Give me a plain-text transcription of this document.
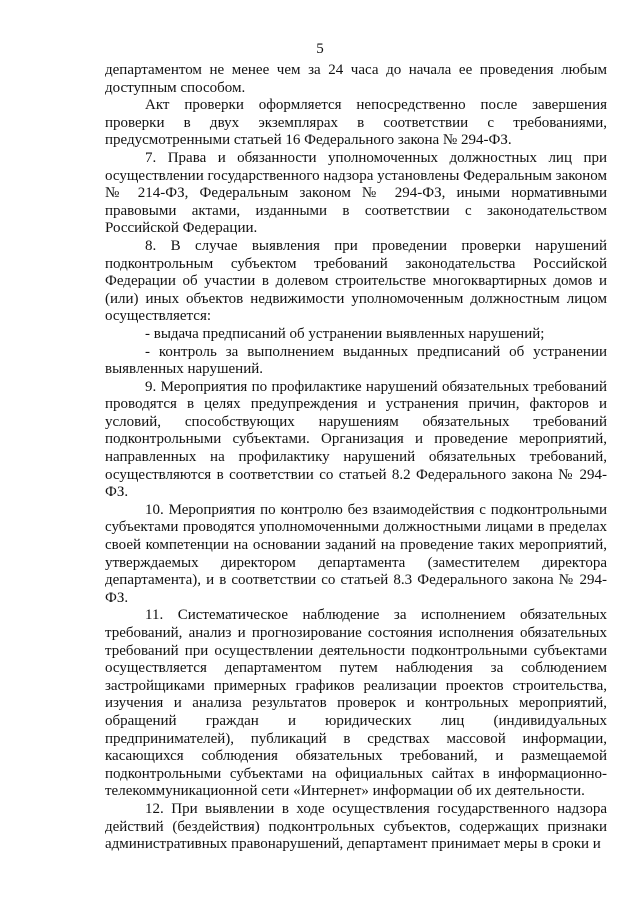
5

департаментом не менее чем за 24 часа до начала ее проведения любым доступным способом.

Акт проверки оформляется непосредственно после завершения проверки в двух экземплярах в соответствии с требованиями, предусмотренными статьей 16 Федерального закона № 294-ФЗ.

7. Права и обязанности уполномоченных должностных лиц при осуществлении государственного надзора установлены Федеральным законом № 214-ФЗ, Федеральным законом № 294-ФЗ, иными нормативными правовыми актами, изданными в соответствии с законодательством Российской Федерации.

8. В случае выявления при проведении проверки нарушений подконтрольным субъектом требований законодательства Российской Федерации об участии в долевом строительстве многоквартирных домов и (или) иных объектов недвижимости уполномоченным должностным лицом осуществляется:

- выдача предписаний об устранении выявленных нарушений;

- контроль за выполнением выданных предписаний об устранении выявленных нарушений.

9. Мероприятия по профилактике нарушений обязательных требований проводятся в целях предупреждения и устранения причин, факторов и условий, способствующих нарушениям обязательных требований подконтрольными субъектами. Организация и проведение мероприятий, направленных на профилактику нарушений обязательных требований, осуществляются в соответствии со статьей 8.2 Федерального закона № 294-ФЗ.

10. Мероприятия по контролю без взаимодействия с подконтрольными субъектами проводятся уполномоченными должностными лицами в пределах своей компетенции на основании заданий на проведение таких мероприятий, утверждаемых директором департамента (заместителем директора департамента), и в соответствии со статьей 8.3 Федерального закона № 294-ФЗ.

11. Систематическое наблюдение за исполнением обязательных требований, анализ и прогнозирование состояния исполнения обязательных требований при осуществлении деятельности подконтрольными субъектами осуществляется департаментом путем наблюдения за соблюдением застройщиками примерных графиков реализации проектов строительства, изучения и анализа результатов проверок и контрольных мероприятий, обращений граждан и юридических лиц (индивидуальных предпринимателей), публикаций в средствах массовой информации, касающихся соблюдения обязательных требований, и размещаемой подконтрольными субъектами на официальных сайтах в информационно-телекоммуникационной сети «Интернет» информации об их деятельности.

12. При выявлении в ходе осуществления государственного надзора действий (бездействия) подконтрольных субъектов, содержащих признаки административных правонарушений, департамент принимает меры в сроки и
